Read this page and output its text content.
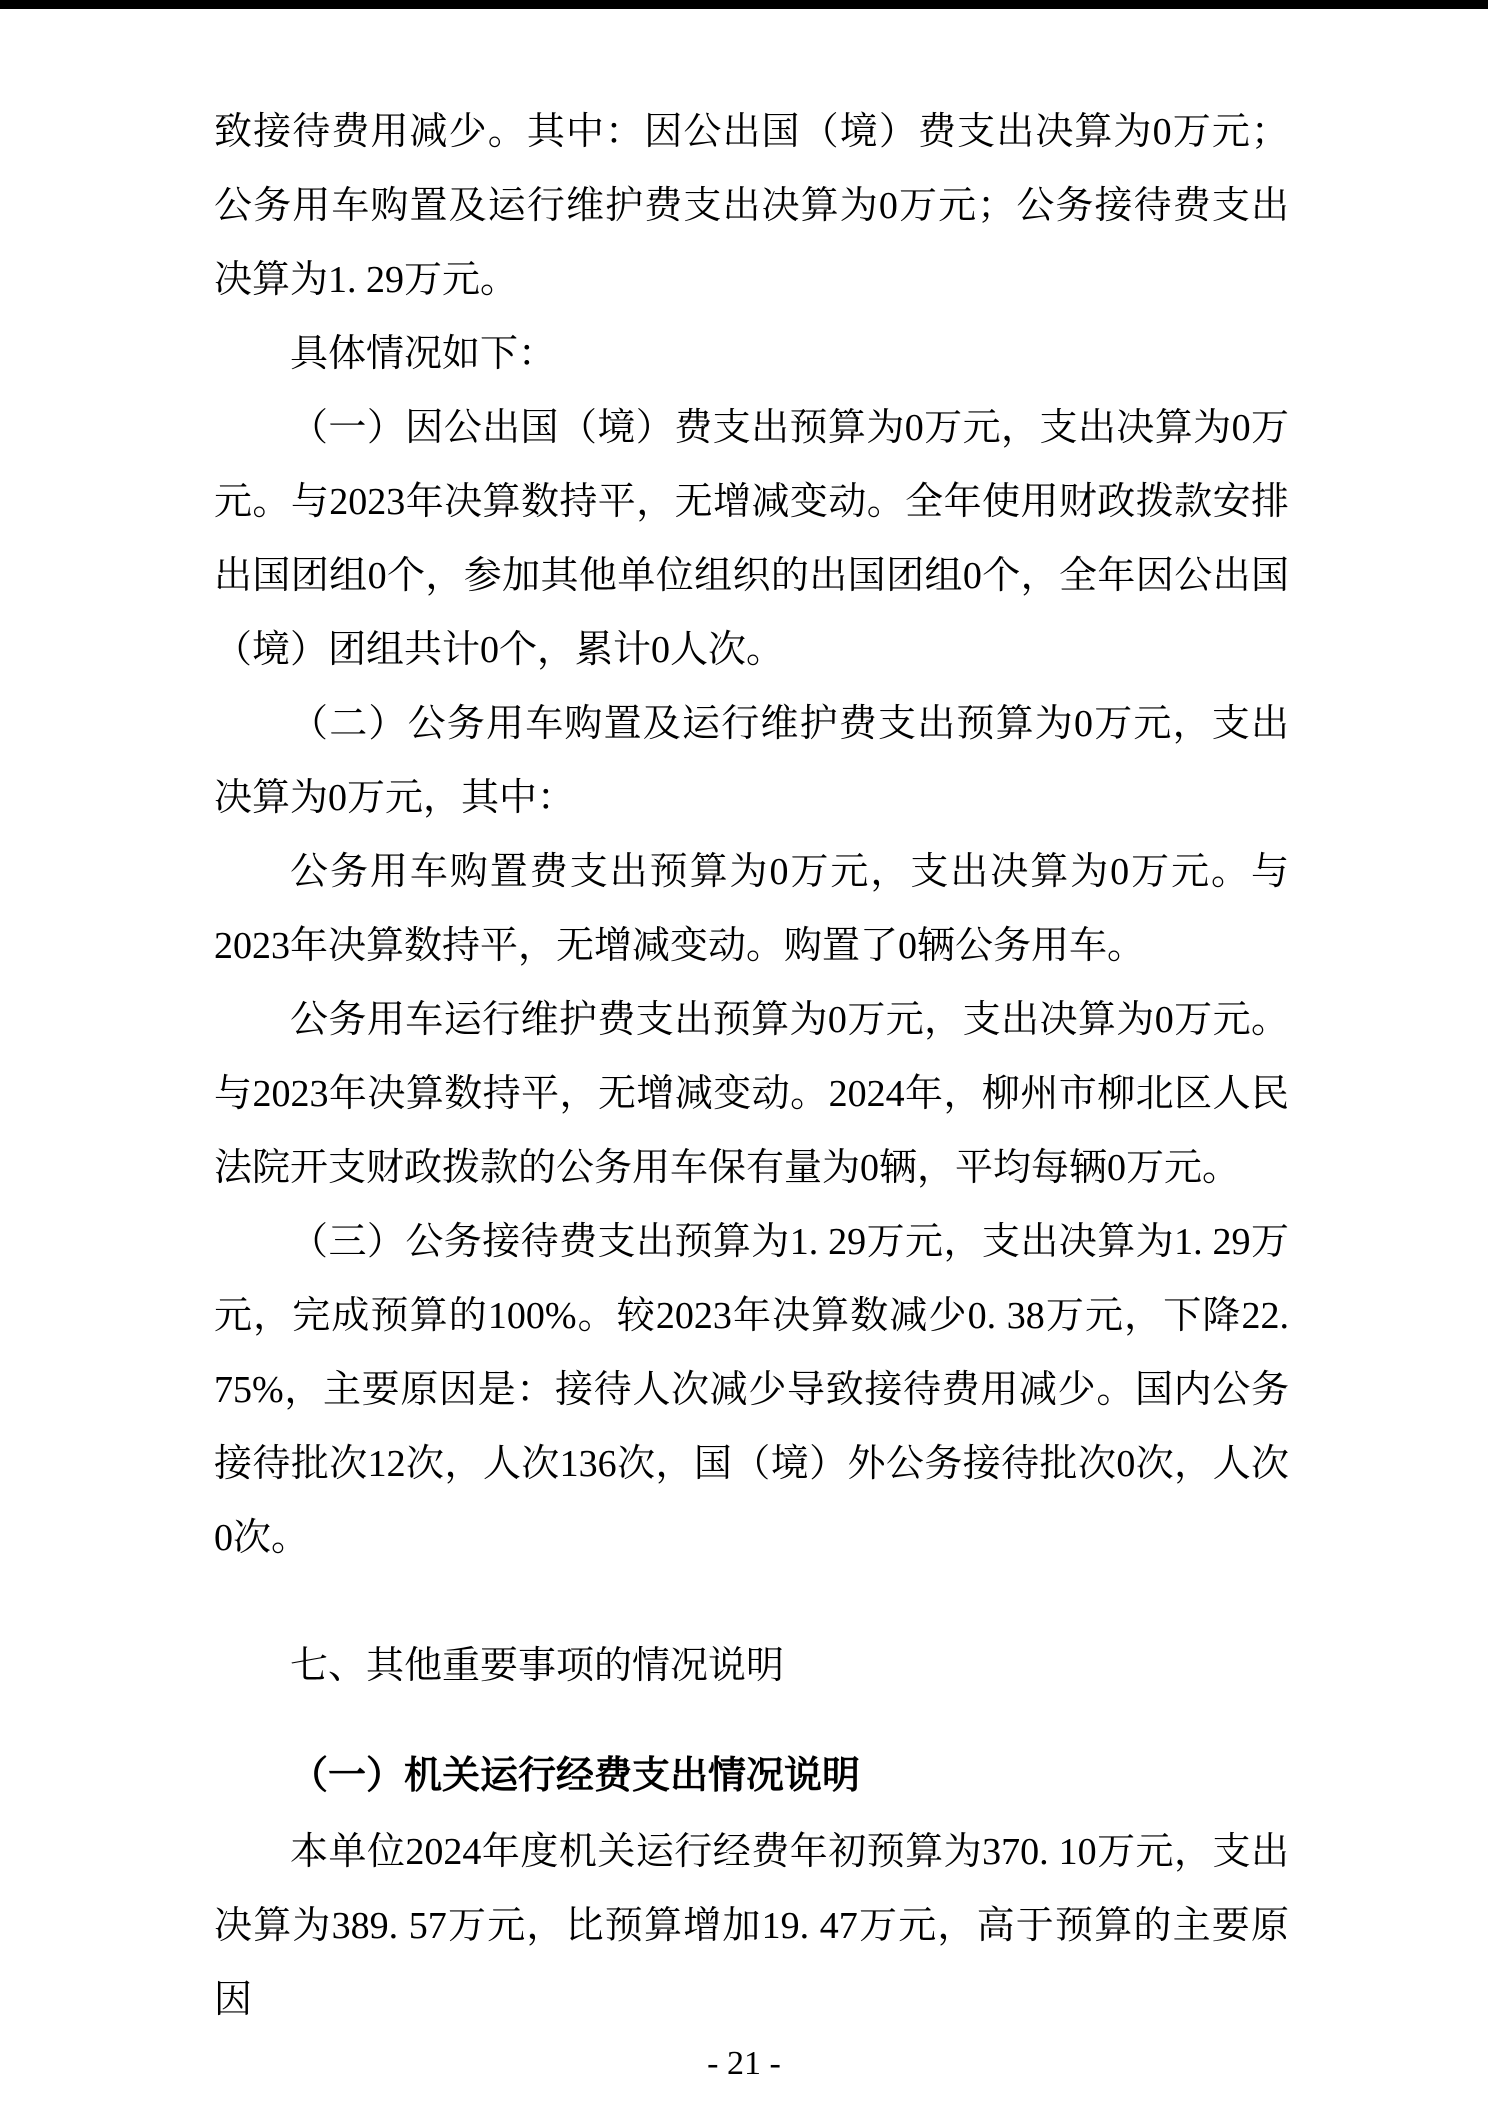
致接待费用减少。其中：因公出国（境）费支出决算为0万元；公务用车购置及运行维护费支出决算为0万元；公务接待费支出决算为1. 29万元。

具体情况如下：

（一）因公出国（境）费支出预算为0万元，支出决算为0万元。与2023年决算数持平，无增减变动。全年使用财政拨款安排出国团组0个，参加其他单位组织的出国团组0个，全年因公出国（境）团组共计0个，累计0人次。

（二）公务用车购置及运行维护费支出预算为0万元，支出决算为0万元，其中：

公务用车购置费支出预算为0万元，支出决算为0万元。与2023年决算数持平，无增减变动。购置了0辆公务用车。

公务用车运行维护费支出预算为0万元，支出决算为0万元。与2023年决算数持平，无增减变动。2024年，柳州市柳北区人民法院开支财政拨款的公务用车保有量为0辆，平均每辆0万元。

（三）公务接待费支出预算为1. 29万元，支出决算为1. 29万元，完成预算的100%。较2023年决算数减少0. 38万元，下降22. 75%，主要原因是：接待人次减少导致接待费用减少。国内公务接待批次12次，人次136次，国（境）外公务接待批次0次，人次0次。

七、其他重要事项的情况说明
（一）机关运行经费支出情况说明

本单位2024年度机关运行经费年初预算为370. 10万元，支出决算为389. 57万元，比预算增加19. 47万元，高于预算的主要原因

- 21 -
